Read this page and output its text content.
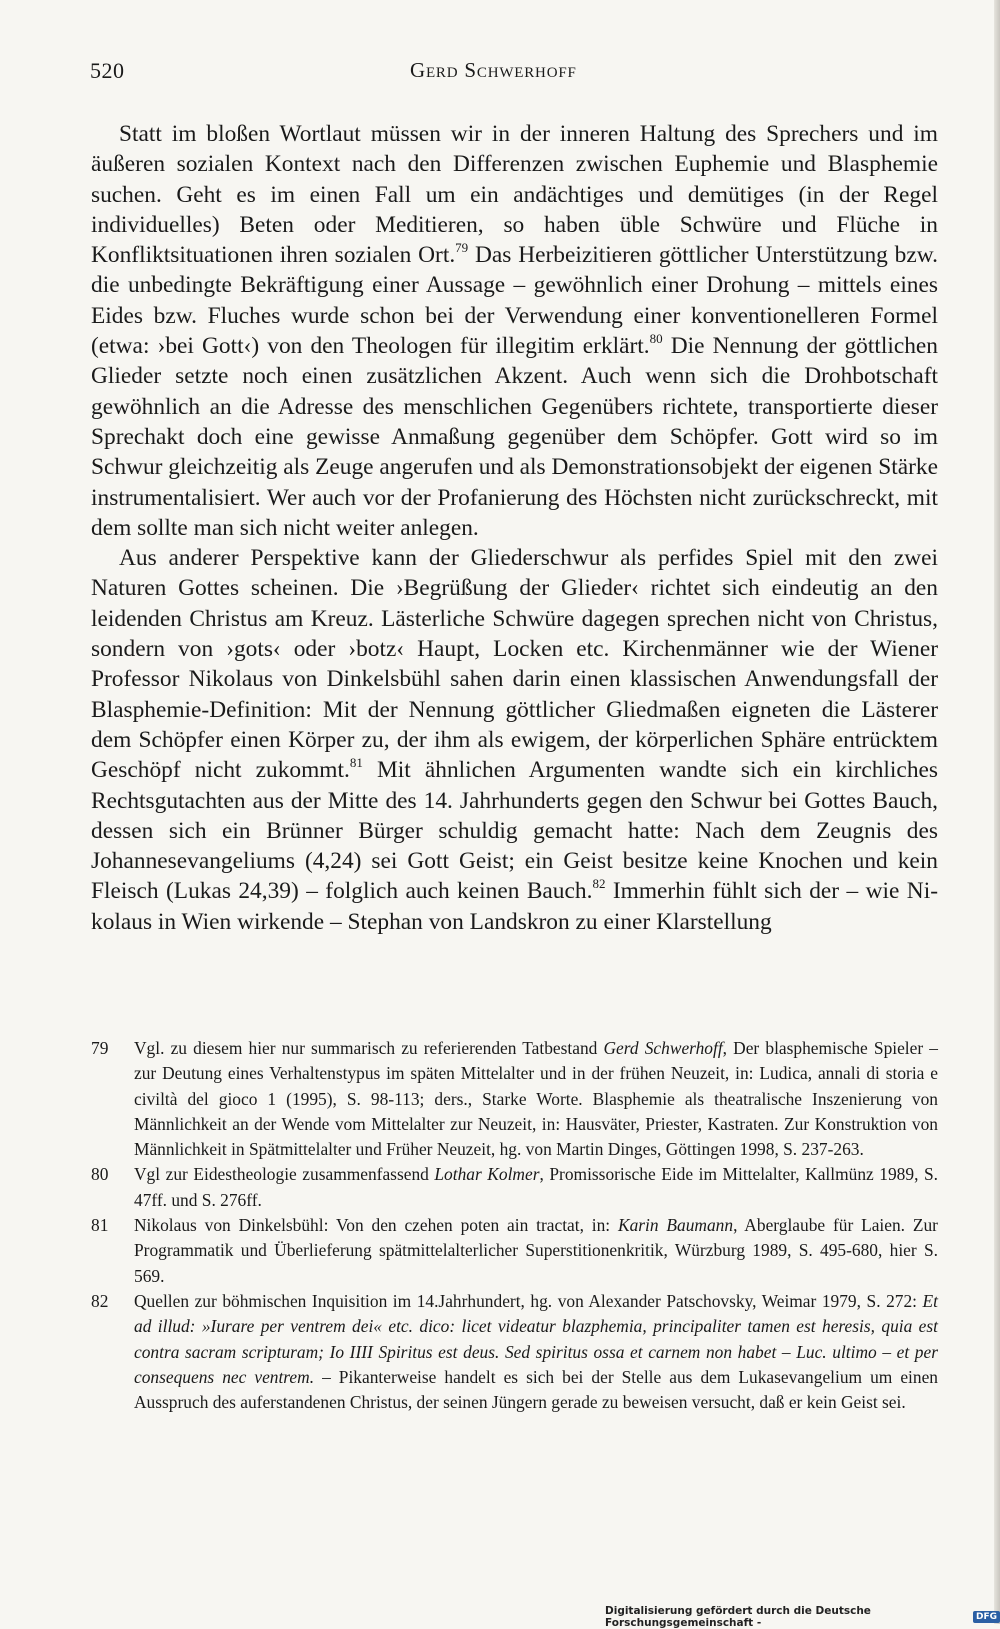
520	Gerd Schwerhoff

Statt im bloßen Wortlaut müssen wir in der inneren Haltung des Sprechers und im äußeren sozialen Kontext nach den Differenzen zwischen Euphemie und Blasphemie suchen. Geht es im einen Fall um ein andächtiges und demütiges (in der Regel individuelles) Beten oder Meditieren, so haben üble Schwüre und Flüche in Konfliktsituationen ihren sozialen Ort.$^{79}$ Das Herbeizitieren göttlicher Unterstützung bzw. die unbedingte Bekräftigung einer Aussage – gewöhnlich einer Drohung – mittels eines Eides bzw. Fluches wurde schon bei der Verwendung einer konventionelleren Formel (etwa: ›bei Gott‹) von den Theologen für illegitim erklärt.$^{80}$ Die Nennung der göttlichen Glieder setzte noch einen zusätzlichen Akzent. Auch wenn sich die Drohbotschaft gewöhnlich an die Adresse des menschlichen Gegenübers richtete, transportierte dieser Sprechakt doch eine gewisse Anmaßung gegenüber dem Schöpfer. Gott wird so im Schwur gleichzeitig als Zeuge angerufen und als Demonstrationsobjekt der eigenen Stärke instrumentalisiert. Wer auch vor der Profanierung des Höchsten nicht zurückschreckt, mit dem sollte man sich nicht weiter anlegen.

Aus anderer Perspektive kann der Gliederschwur als perfides Spiel mit den zwei Naturen Gottes scheinen. Die ›Begrüßung der Glieder‹ richtet sich eindeutig an den leidenden Christus am Kreuz. Lästerliche Schwüre dagegen sprechen nicht von Christus, sondern von ›gots‹ oder ›botz‹ Haupt, Locken etc. Kirchenmänner wie der Wiener Professor Nikolaus von Dinkelsbühl sahen darin einen klassischen Anwendungsfall der Blasphemie-Definition: Mit der Nennung göttlicher Gliedmaßen eigneten die Lästerer dem Schöpfer einen Körper zu, der ihm als ewigem, der körperlichen Sphäre entrücktem Geschöpf nicht zukommt.$^{81}$ Mit ähnlichen Argumenten wandte sich ein kirchliches Rechtsgutachten aus der Mitte des 14. Jahrhunderts gegen den Schwur bei Gottes Bauch, dessen sich ein Brünner Bürger schuldig gemacht hatte: Nach dem Zeugnis des Johannesevangeliums (4,24) sei Gott Geist; ein Geist besitze keine Knochen und kein Fleisch (Lukas 24,39) – folglich auch keinen Bauch.$^{82}$ Immerhin fühlt sich der – wie Nikolaus in Wien wirkende – Stephan von Landskron zu einer Klarstellung

79	Vgl. zu diesem hier nur summarisch zu referierenden Tatbestand Gerd Schwerhoff, Der blasphemische Spieler – zur Deutung eines Verhaltenstypus im späten Mittelalter und in der frühen Neuzeit, in: Ludica, annali di storia e civiltà del gioco 1 (1995), S. 98-113; ders., Starke Worte. Blasphemie als theatralische Inszenierung von Männlichkeit an der Wende vom Mittelalter zur Neuzeit, in: Hausväter, Priester, Kastraten. Zur Konstruktion von Männlichkeit in Spätmittelalter und Früher Neuzeit, hg. von Martin Dinges, Göttingen 1998, S. 237-263.
80	Vgl zur Eidestheologie zusammenfassend Lothar Kolmer, Promissorische Eide im Mittelalter, Kallmünz 1989, S. 47ff. und S. 276ff.
81	Nikolaus von Dinkelsbühl: Von den czehen poten ain tractat, in: Karin Baumann, Aberglaube für Laien. Zur Programmatik und Überlieferung spätmittelalterlicher Superstitionenkritik, Würzburg 1989, S. 495-680, hier S. 569.
82	Quellen zur böhmischen Inquisition im 14.Jahrhundert, hg. von Alexander Patschovsky, Weimar 1979, S. 272: Et ad illud: »Iurare per ventrem dei« etc. dico: licet videatur blazphemia, principaliter tamen est heresis, quia est contra sacram scripturam; Io IIII Spiritus est deus. Sed spiritus ossa et carnem non habet – Luc. ultimo – et per consequens nec ventrem. – Pikanterweise handelt es sich bei der Stelle aus dem Lukasevangelium um einen Ausspruch des auferstandenen Christus, der seinen Jüngern gerade zu beweisen versucht, daß er kein Geist sei.
Digitalisierung gefördert durch die Deutsche Forschungsgemeinschaft -	DFG
